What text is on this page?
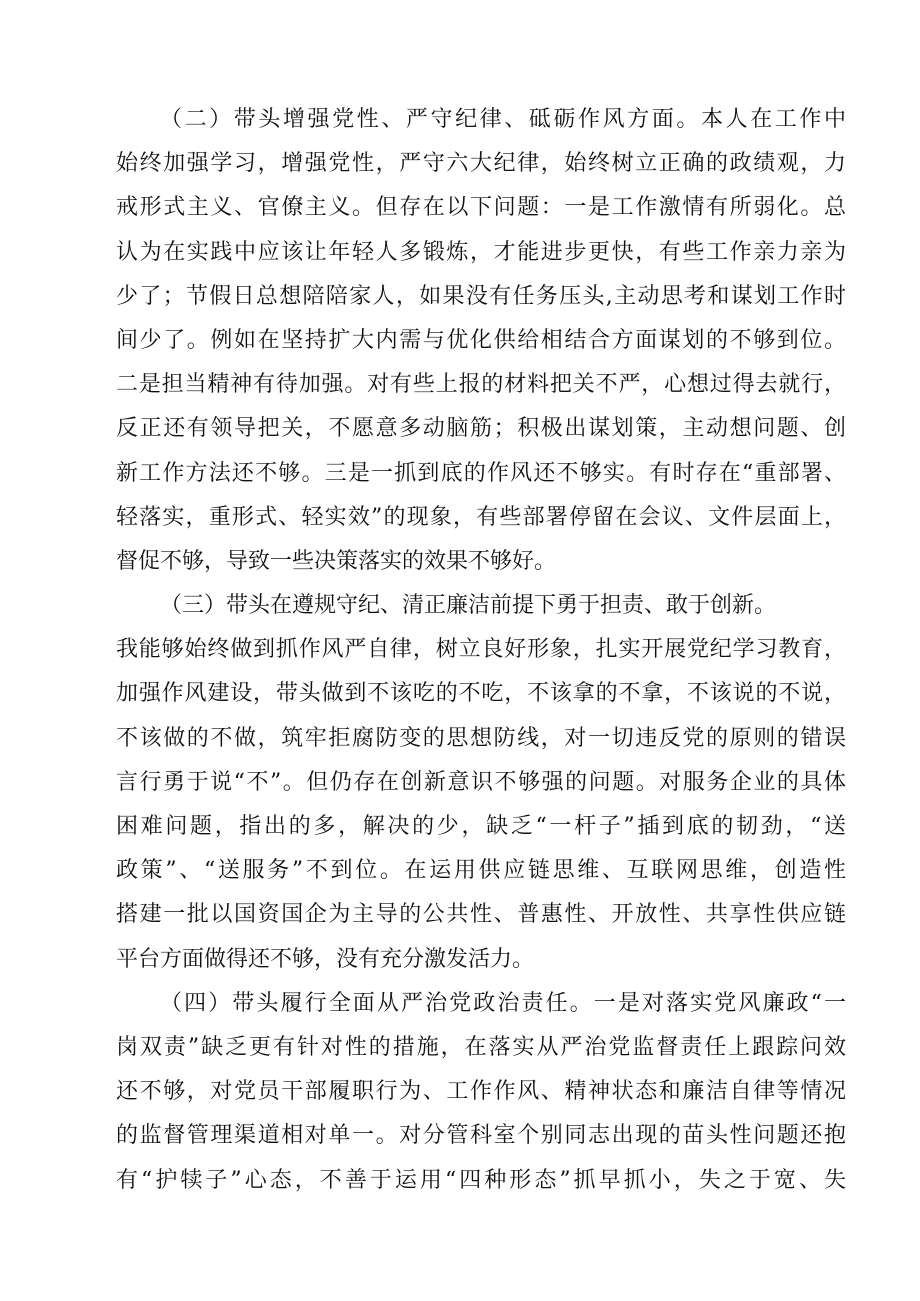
（二）带头增强党性、严守纪律、砥砺作风方面。本人在工作中
始终加强学习，增强党性，严守六大纪律，始终树立正确的政绩观，力
戒形式主义、官僚主义。但存在以下问题：一是工作激情有所弱化。总
认为在实践中应该让年轻人多锻炼，才能进步更快，有些工作亲力亲为
少了；节假日总想陪陪家人，如果没有任务压头,主动思考和谋划工作时
间少了。例如在坚持扩大内需与优化供给相结合方面谋划的不够到位。
二是担当精神有待加强。对有些上报的材料把关不严，心想过得去就行，
反正还有领导把关，不愿意多动脑筋；积极出谋划策，主动想问题、创
新工作方法还不够。三是一抓到底的作风还不够实。有时存在“重部署、
轻落实，重形式、轻实效”的现象，有些部署停留在会议、文件层面上，
督促不够，导致一些决策落实的效果不够好。
（三）带头在遵规守纪、清正廉洁前提下勇于担责、敢于创新。
我能够始终做到抓作风严自律，树立良好形象，扎实开展党纪学习教育，
加强作风建设，带头做到不该吃的不吃，不该拿的不拿，不该说的不说，
不该做的不做，筑牢拒腐防变的思想防线，对一切违反党的原则的错误
言行勇于说“不”。但仍存在创新意识不够强的问题。对服务企业的具体
困难问题，指出的多，解决的少，缺乏“一杆子”插到底的韧劲，“送
政策”、“送服务”不到位。在运用供应链思维、互联网思维，创造性
搭建一批以国资国企为主导的公共性、普惠性、开放性、共享性供应链
平台方面做得还不够，没有充分激发活力。
（四）带头履行全面从严治党政治责任。一是对落实党风廉政“一
岗双责”缺乏更有针对性的措施，在落实从严治党监督责任上跟踪问效
还不够，对党员干部履职行为、工作作风、精神状态和廉洁自律等情况
的监督管理渠道相对单一。对分管科室个别同志出现的苗头性问题还抱
有“护犊子”心态，不善于运用“四种形态”抓早抓小，失之于宽、失
